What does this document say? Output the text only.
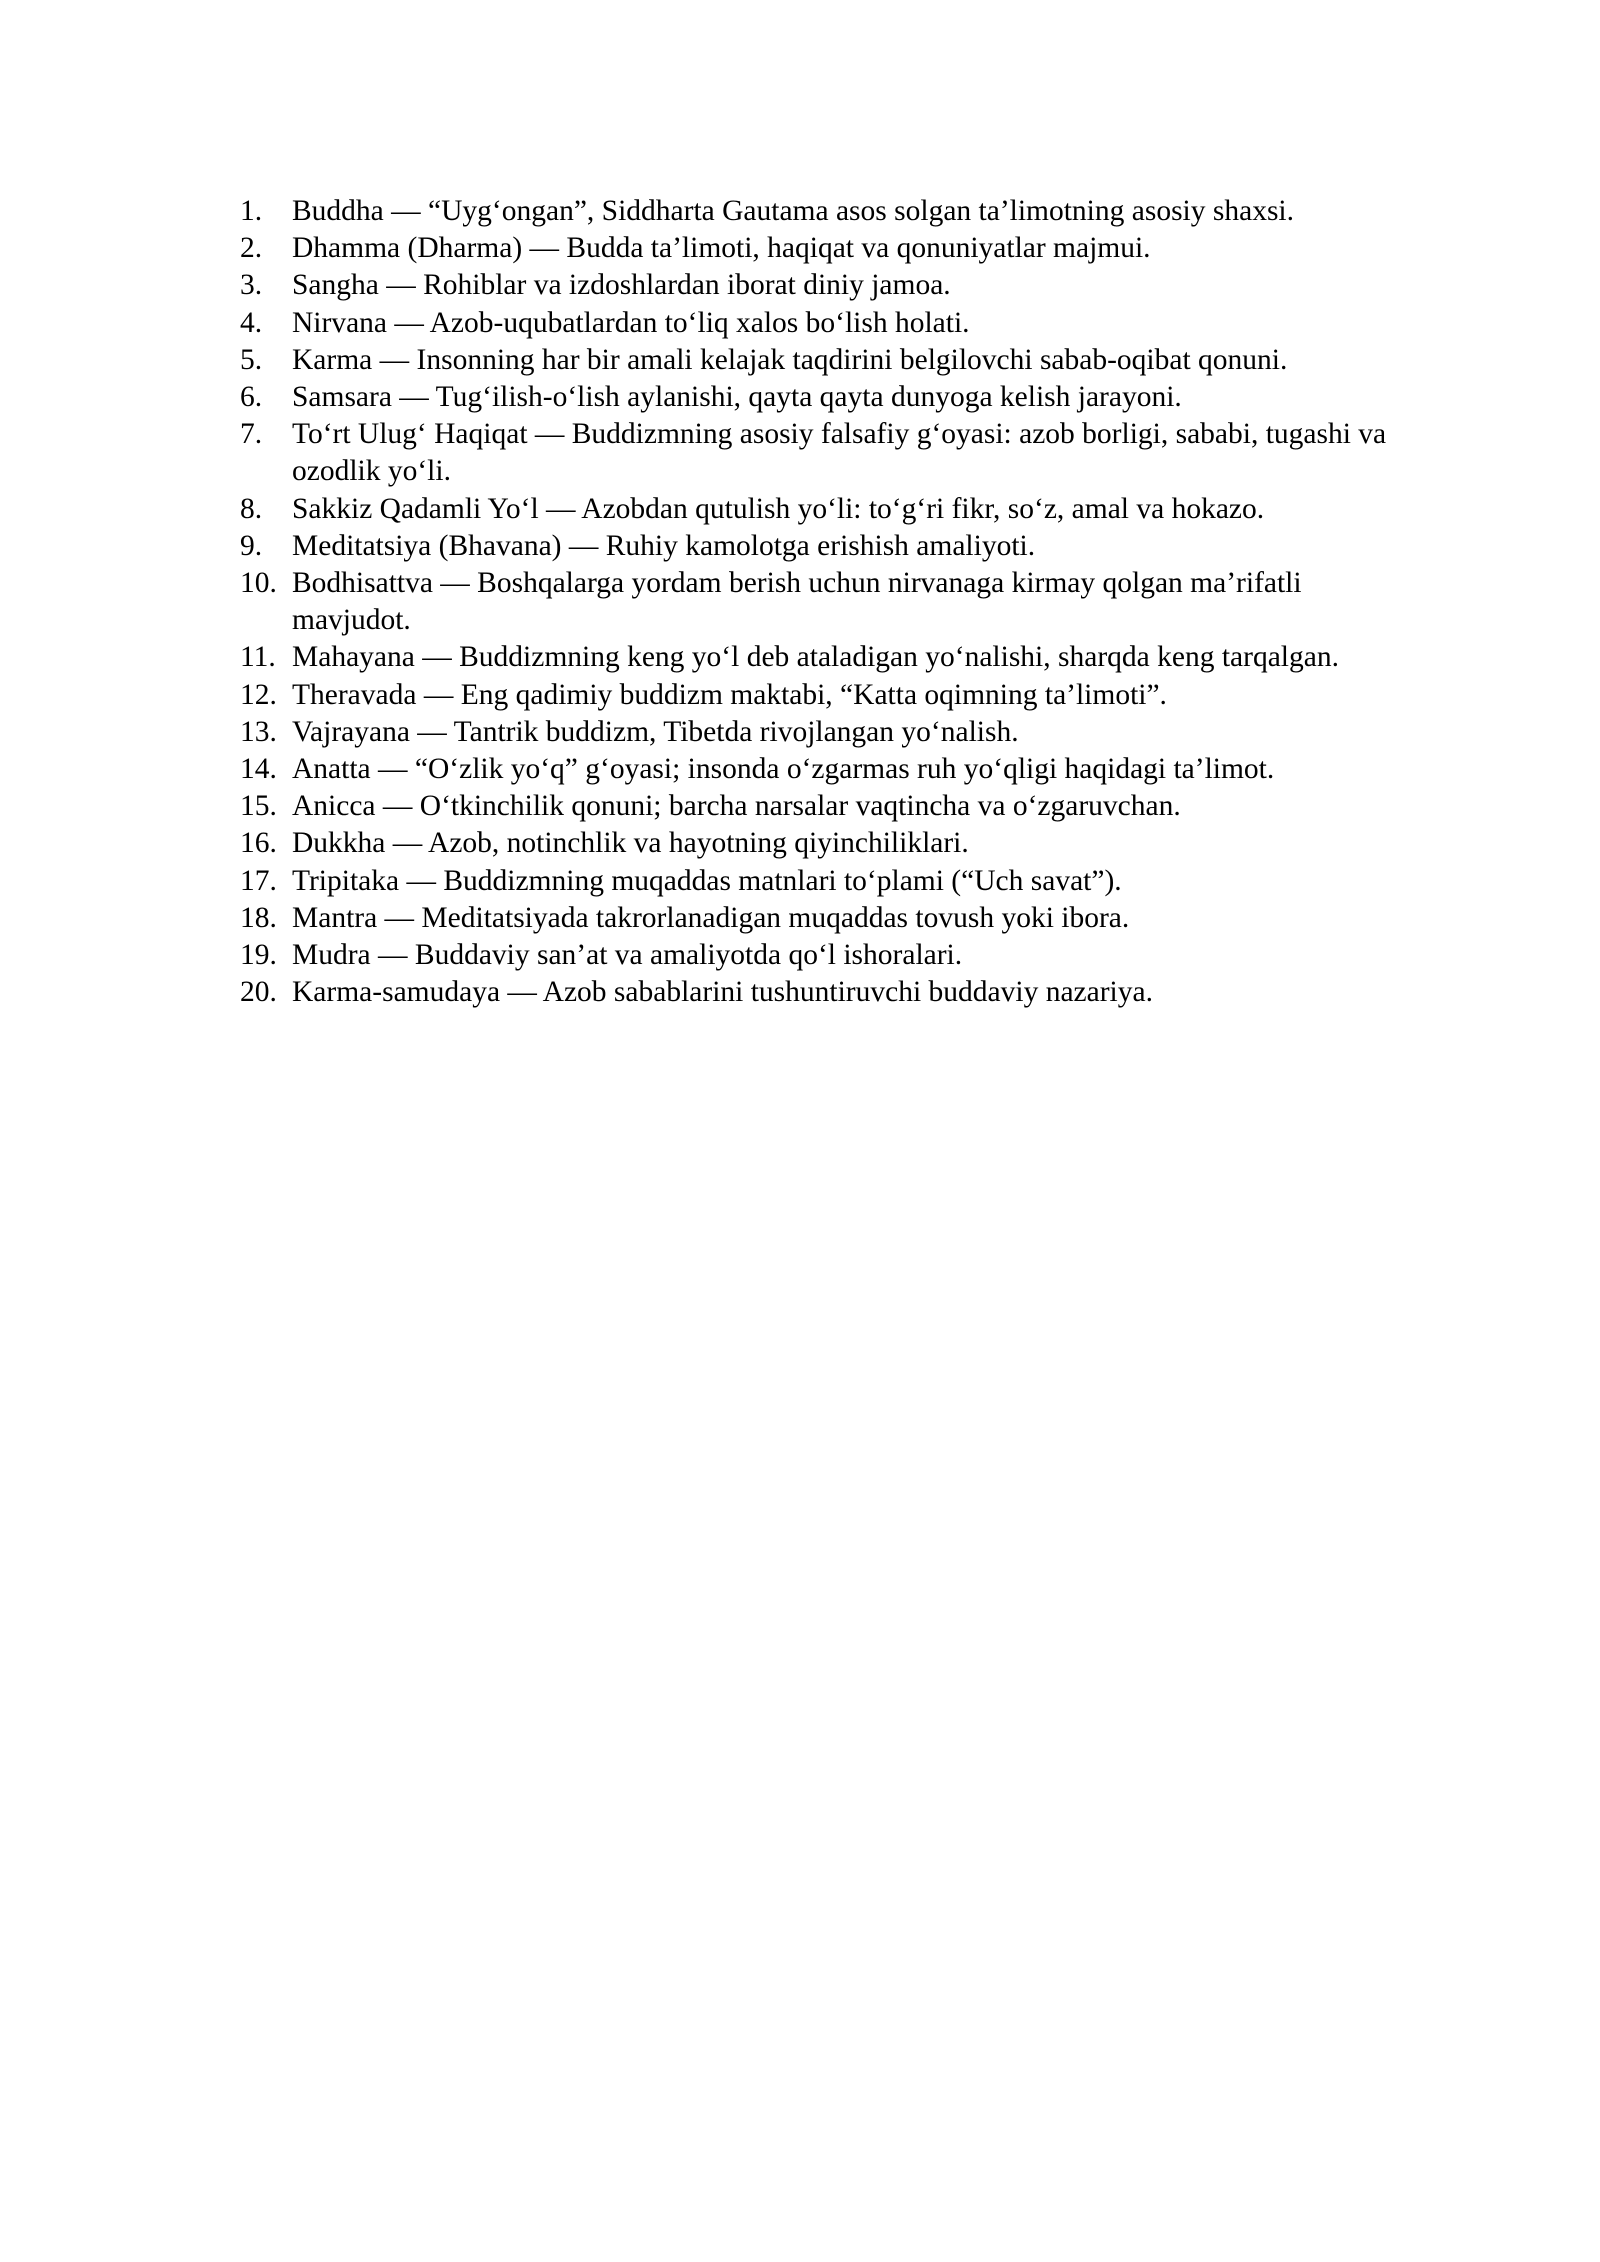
1.	Buddha — “Uyg‘ongan”, Siddharta Gautama asos solgan ta’limotning asosiy shaxsi.
2.	Dhamma (Dharma) — Budda ta’limoti, haqiqat va qonuniyatlar majmui.
3.	Sangha — Rohiblar va izdoshlardan iborat diniy jamoa.
4.	Nirvana — Azob-uqubatlardan to‘liq xalos bo‘lish holati.
5.	Karma — Insonning har bir amali kelajak taqdirini belgilovchi sabab-oqibat qonuni.
6.	Samsara — Tug‘ilish-o‘lish aylanishi, qayta qayta dunyoga kelish jarayoni.
7.	To‘rt Ulug‘ Haqiqat — Buddizmning asosiy falsafiy g‘oyasi: azob borligi, sababi, tugashi va ozodlik yo‘li.
8.	Sakkiz Qadamli Yo‘l — Azobdan qutulish yo‘li: to‘g‘ri fikr, so‘z, amal va hokazo.
9.	Meditatsiya (Bhavana) — Ruhiy kamolotga erishish amaliyoti.
10. Bodhisattva — Boshqalarga yordam berish uchun nirvanaga kirmay qolgan ma’rifatli mavjudot.
11. Mahayana — Buddizmning keng yo‘l deb ataladigan yo‘nalishi, sharqda keng tarqalgan.
12. Theravada — Eng qadimiy buddizm maktabi, “Katta oqimning ta’limoti”.
13. Vajrayana — Tantrik buddizm, Tibetda rivojlangan yo‘nalish.
14. Anatta — “O‘zlik yo‘q” g‘oyasi; insonda o‘zgarmas ruh yo‘qligi haqidagi ta’limot.
15. Anicca — O‘tkinchilik qonuni; barcha narsalar vaqtincha va o‘zgaruvchan.
16. Dukkha — Azob, notinchlik va hayotning qiyinchiliklari.
17. Tripitaka — Buddizmning muqaddas matnlari to‘plami (“Uch savat”).
18. Mantra — Meditatsiyada takrorlanadigan muqaddas tovush yoki ibora.
19. Mudra — Buddaviy san’at va amaliyotda qo‘l ishoralari.
20. Karma-samudaya — Azob sabablarini tushuntiruvchi buddaviy nazariya.
